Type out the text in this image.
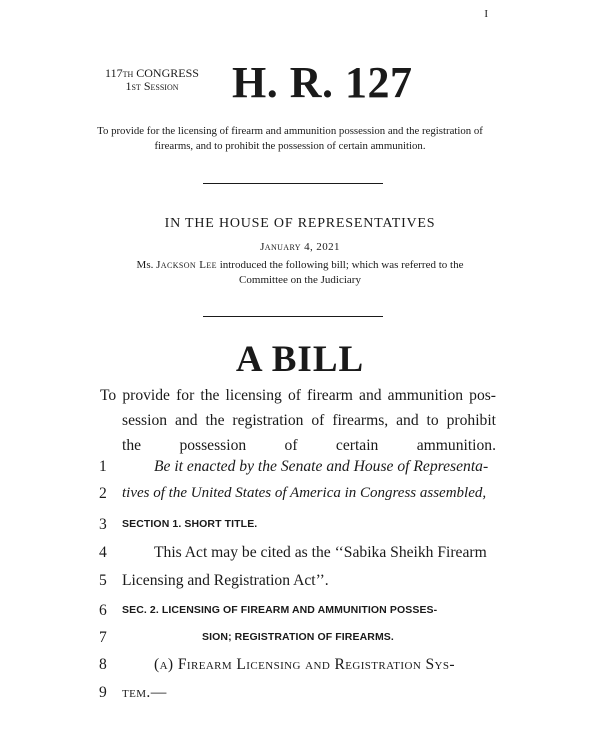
I
117th CONGRESS
1st Session	H. R. 127
To provide for the licensing of firearm and ammunition possession and the registration of firearms, and to prohibit the possession of certain ammunition.
IN THE HOUSE OF REPRESENTATIVES
January 4, 2021
Ms. Jackson Lee introduced the following bill; which was referred to the
Committee on the Judiciary
A BILL
To provide for the licensing of firearm and ammunition pos-
session and the registration of firearms, and to prohibit
the possession of certain ammunition.
1	Be it enacted by the Senate and House of Representa-
2	tives of the United States of America in Congress assembled,
3	SECTION 1. SHORT TITLE.
4	This Act may be cited as the ‘‘Sabika Sheikh Firearm
5 Licensing and Registration Act’’.
6	SEC. 2. LICENSING OF FIREARM AND AMMUNITION POSSES-
7	SION; REGISTRATION OF FIREARMS.
8	(a) Firearm Licensing and Registration Sys-
9 tem.—
